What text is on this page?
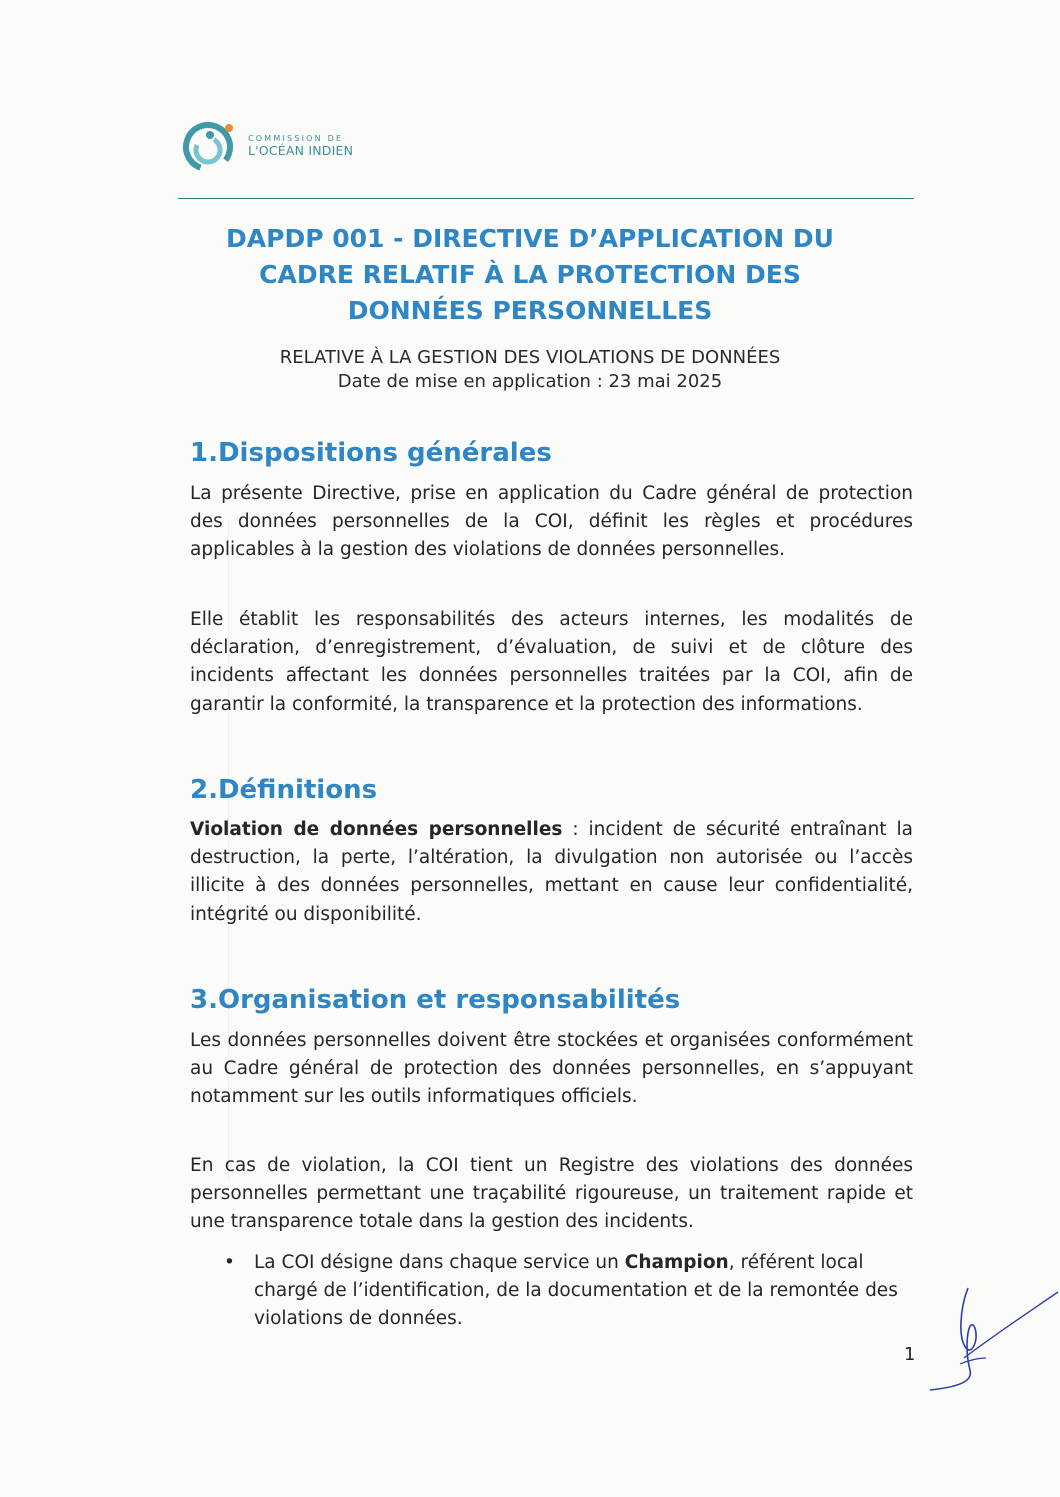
COMMISSION DE
L'OCÉAN INDIEN
DAPDP 001 - DIRECTIVE D’APPLICATION DU
CADRE RELATIF À LA PROTECTION DES
DONNÉES PERSONNELLES
RELATIVE À LA GESTION DES VIOLATIONS DE DONNÉES
Date de mise en application : 23 mai 2025
1.Dispositions générales

La présente Directive, prise en application du Cadre général de protection des données personnelles de la COI, définit les règles et procédures applicables à la gestion des violations de données personnelles.

Elle établit les responsabilités des acteurs internes, les modalités de déclaration, d’enregistrement, d’évaluation, de suivi et de clôture des incidents affectant les données personnelles traitées par la COI, afin de garantir la conformité, la transparence et la protection des informations.

2.Définitions

Violation de données personnelles : incident de sécurité entraînant la destruction, la perte, l’altération, la divulgation non autorisée ou l’accès illicite à des données personnelles, mettant en cause leur confidentialité, intégrité ou disponibilité.

3.Organisation et responsabilités

Les données personnelles doivent être stockées et organisées conformément au Cadre général de protection des données personnelles, en s’appuyant notamment sur les outils informatiques officiels.

En cas de violation, la COI tient un Registre des violations des données personnelles permettant une traçabilité rigoureuse, un traitement rapide et une transparence totale dans la gestion des incidents.

• La COI désigne dans chaque service un Champion, référent local chargé de l’identification, de la documentation et de la remontée des violations de données.
1
